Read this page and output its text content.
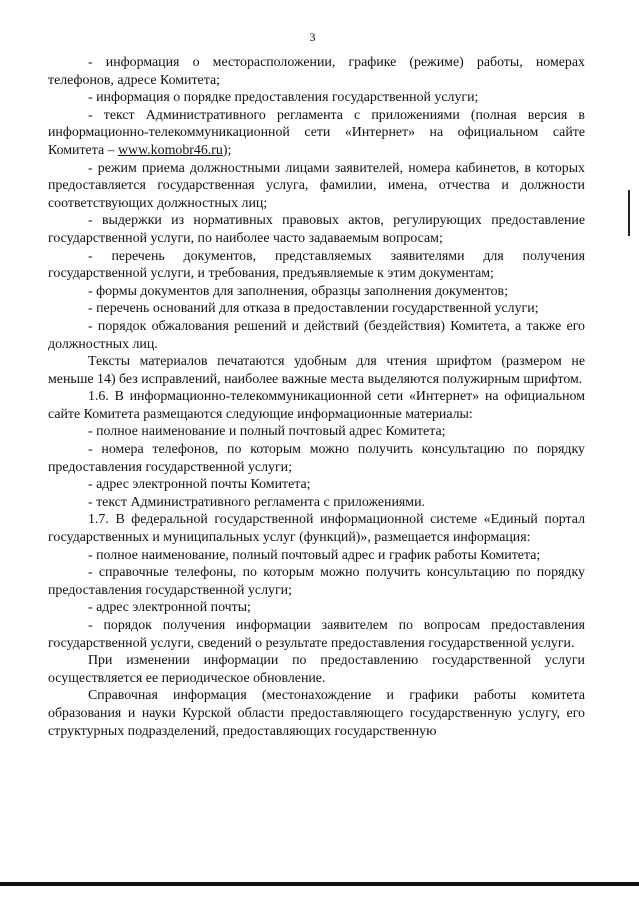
3

- информация о месторасположении, графике (режиме) работы, номерах телефонов, адресе Комитета;

- информация о порядке предоставления государственной услуги;

- текст Административного регламента с приложениями (полная версия в информационно-телекоммуникационной сети «Интернет» на официальном сайте Комитета – www.komobr46.ru);

- режим приема должностными лицами заявителей, номера кабинетов, в которых предоставляется государственная услуга, фамилии, имена, отчества и должности соответствующих должностных лиц;

- выдержки из нормативных правовых актов, регулирующих предоставление государственной услуги, по наиболее часто задаваемым вопросам;

- перечень документов, представляемых заявителями для получения государственной услуги, и требования, предъявляемые к этим документам;

- формы документов для заполнения, образцы заполнения документов;

- перечень оснований для отказа в предоставлении государственной услуги;

- порядок обжалования решений и действий (бездействия) Комитета, а также его должностных лиц.

Тексты материалов печатаются удобным для чтения шрифтом (размером не меньше 14) без исправлений, наиболее важные места выделяются полужирным шрифтом.

1.6. В информационно-телекоммуникационной сети «Интернет» на официальном сайте Комитета размещаются следующие информационные материалы:

- полное наименование и полный почтовый адрес Комитета;

- номера телефонов, по которым можно получить консультацию по порядку предоставления государственной услуги;

- адрес электронной почты Комитета;

- текст Административного регламента с приложениями.

1.7. В федеральной государственной информационной системе «Единый портал государственных и муниципальных услуг (функций)», размещается информация:

- полное наименование, полный почтовый адрес и график работы Комитета;

- справочные телефоны, по которым можно получить консультацию по порядку предоставления государственной услуги;

- адрес электронной почты;

- порядок получения информации заявителем по вопросам предоставления государственной услуги, сведений о результате предоставления государственной услуги.

При изменении информации по предоставлению государственной услуги осуществляется ее периодическое обновление.

Справочная информация (местонахождение и графики работы комитета образования и науки Курской области предоставляющего государственную услугу, его структурных подразделений, предоставляющих государственную
